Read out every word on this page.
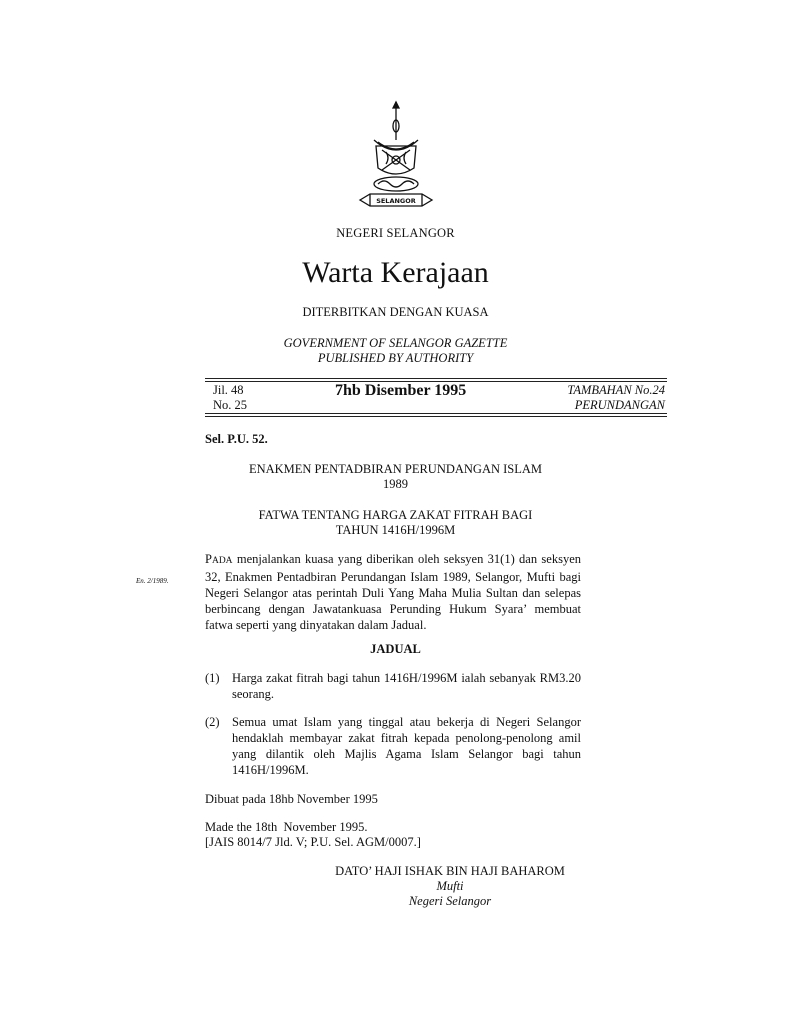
SELANGOR
NEGERI SELANGOR
Warta Kerajaan
DITERBITKAN DENGAN KUASA
GOVERNMENT OF SELANGOR GAZETTE
PUBLISHED BY AUTHORITY
Jil. 48
No. 25
7hb Disember 1995	TAMBAHAN No.24
PERUNDANGAN
Sel. P.U. 52.
ENAKMEN PENTADBIRAN PERUNDANGAN ISLAM
1989
FATWA TENTANG HARGA ZAKAT FITRAH BAGI
TAHUN 1416H/1996M
En. 2/1989.
PADA menjalankan kuasa yang diberikan oleh seksyen 31(1) dan seksyen 32, Enakmen Pentadbiran Perundangan Islam 1989, Selangor, Mufti bagi Negeri Selangor atas perintah Duli Yang Maha Mulia Sultan dan selepas berbincang dengan Jawatankuasa Perunding Hukum Syara’ membuat fatwa seperti yang dinyatakan dalam Jadual.
JADUAL
(1) Harga zakat fitrah bagi tahun 1416H/1996M ialah sebanyak RM3.20 seorang.
(2) Semua umat Islam yang tinggal atau bekerja di Negeri Selangor hendaklah membayar zakat fitrah kepada penolong-penolong amil yang dilantik oleh Majlis Agama Islam Selangor bagi tahun 1416H/1996M.
Dibuat pada 18hb November 1995
Made the 18th  November 1995.
[JAIS 8014/7 Jld. V; P.U. Sel. AGM/0007.]
DATO’ HAJI ISHAK BIN HAJI BAHAROM
Mufti
Negeri Selangor
